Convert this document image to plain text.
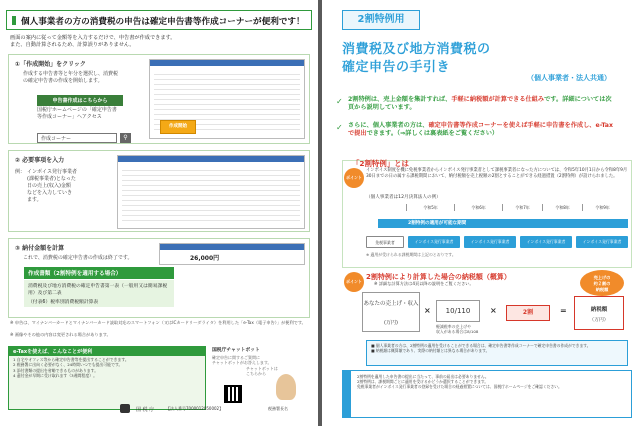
個人事業者の方の消費税の申告は確定申告書等作成コーナーが便利です！
画面の案内に従って金額等を入力するだけで、申告書が作成できます。
また、自動計算されるため、計算誤りがありません。
①「作成開始」をクリック
作成する申告書等と年分を選択し、消費税
の確定申告書の作成を開始します。
申告書作成はこちらから
国税庁ホームページの「確定申告書
等作成コーナー」へアクセス
作成コーナー	⚲
作成開始
② 必要事項を入力
例： インボイス発行事業者
(課税事業者)となった
日の売上(収入)金額
などを入力していき
ます。
③ 納付金額を計算
これで、消費税の確定申告書の作成は終了です。	26,000円
作成書類（2割特例を適用する場合）
消費税及び地方消費税の確定申告書第一表（一般用又は簡易課税用）及び第二表
（付表6）税率別消費税額計算表
※ 申告は、マイナンバーカードとマイナンバーカード読取対応のスマートフォン（又はICカードリーダライタ）を利用した「e-Tax（電子申告）」が便利です。
※ 画像やその他の内容は変更される場合があります。
e-Taxを使えば、こんなことが便利
1 自宅やオフィス等から確定申告書等を提出することができます。
2 税務署に出向く必要がなく、24時間いつでも提出可能です。
3 添付書類の提出を省略できるものがあります。
4 還付金が早期に受け取れます（3週間程度）。
国税庁チャットボット
確定申告に関するご質問に
チャットボットがお答えします。
チャットボットは
こちらから
国 税 庁	【法人番号7000012050002】	税務署長名
2割特例用
消費税及び地方消費税の
確定申告の手引き
（個人事業者・法人共通）
✓ 2割特例は、売上金額を集計すれば、手軽に納税額が計算できる仕組みです。詳細については次頁から説明しています。
✓ さらに、個人事業者の方は、確定申告書等作成コーナーを使えば手軽に申告書を作成し、e-Taxで提出できます。（⇒詳しくは裏表紙をご覧ください）
ポイント
「2割特例」とは
インボイス制度を機に免税事業者からインボイス発行事業者として課税事業者になった方については、令和5年10月1日から令和8年9月30日までの日の属する課税期間において、納付税額を売上税額の2割とすることができる経過措置（2割特例）が設けられました。
（個人事業者は12月決算法人の例）
令和5年	令和6年	令和7年	令和8年	令和9年
2割特例の適用が可能な期間
免税事業者	インボイス発行事業者	インボイス発行事業者	インボイス発行事業者	インボイス発行事業者
※ 適用が受けられる課税期間は上記のとおりです。
ポイント
2割特例により計算した場合の納税額（概算）
※ 詳細な計算方法は4頁以降の説明をご覧ください。
売上げの
約２割の
納税額
あなたの売上げ・収入
(万円)
×	10/110
軽減税率の売上げや
収入がある場合は8/108
×	2割	=	納税額
（万円）
■ 個人事業者の方は、2割特例の適用を受けることができる場合は、確定申告書等作成コーナーで確定申告書の作成ができます。
■ 納税額は概算額であり、実際の納付額とは異なる場合があります。
2割特例を適用した申告書の提出に当たって、事前の届出は必要ありません。
2割特例は、課税期間ごとに適用を受けるかどうか選択することができます。
免税事業者がインボイス発行事業者の登録を受けた場合の経過措置については、国税庁ホームページをご確認ください。
